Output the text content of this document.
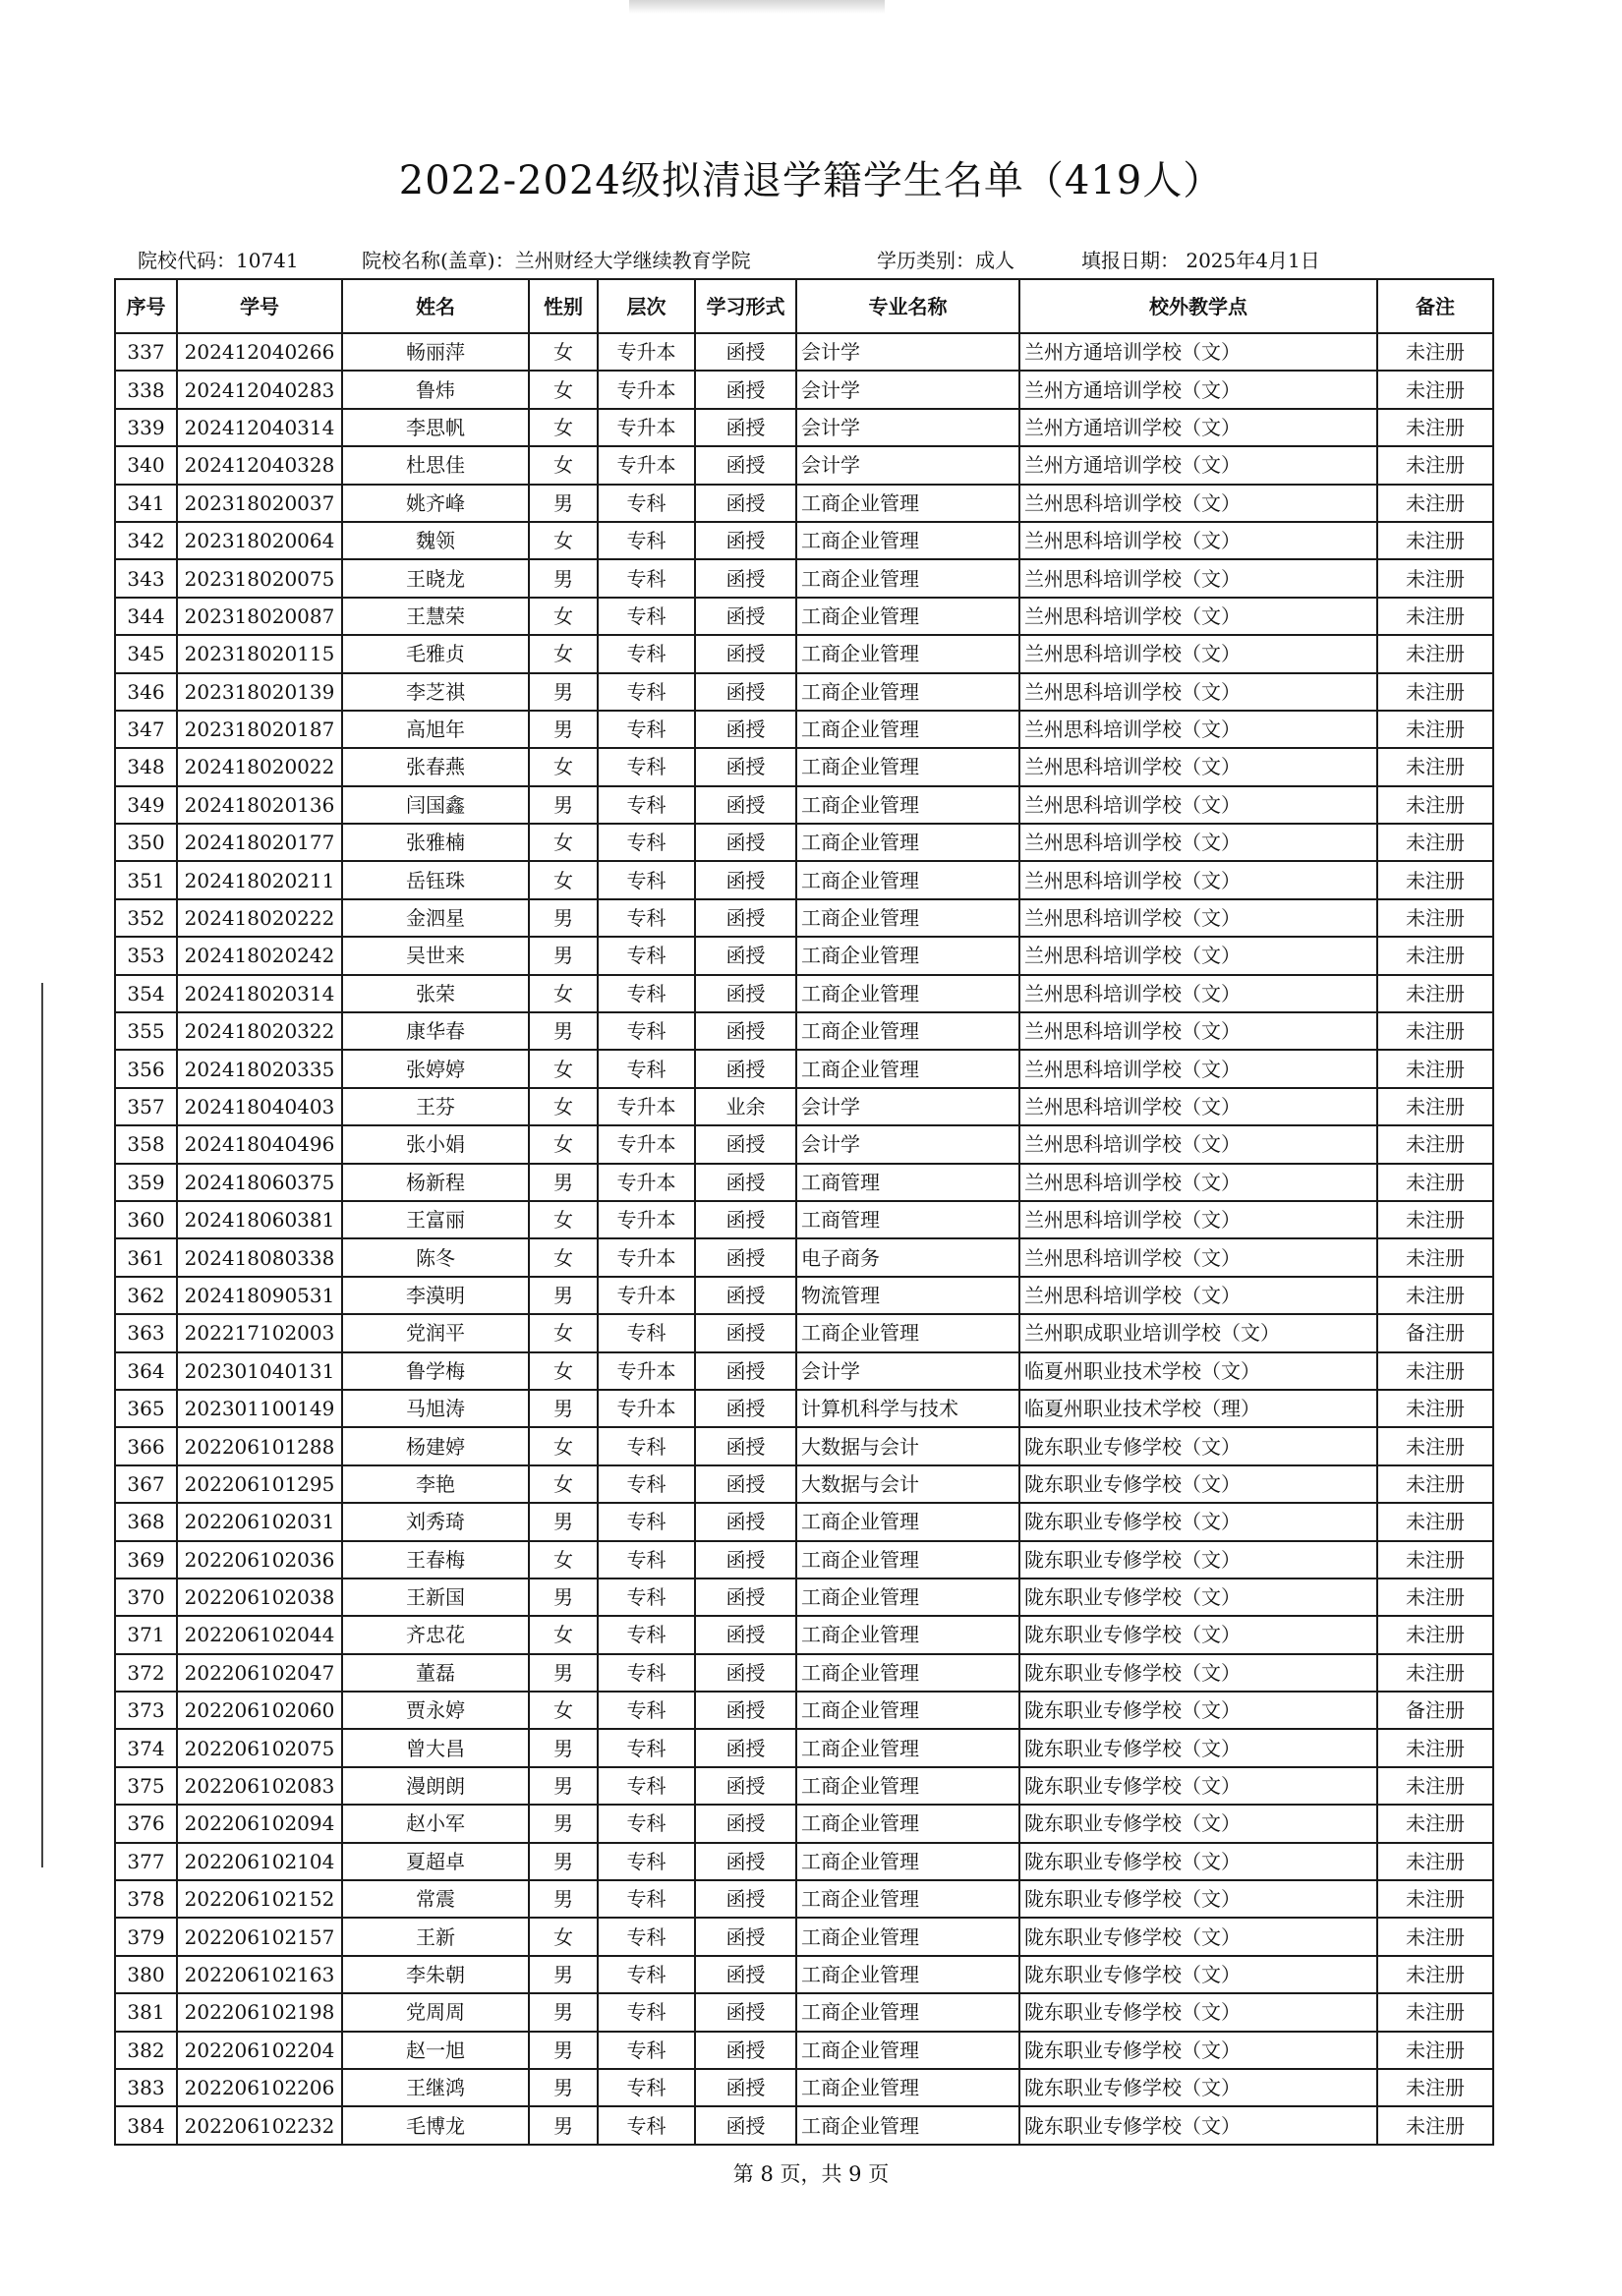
2022-2024级拟清退学籍学生名单（419人）
院校代码：10741	院校名称(盖章)：兰州财经大学继续教育学院	学历类别：成人	填报日期： 2025年4月1日
序号	学号	姓名	性别	层次	学习形式	专业名称	校外教学点	备注
337	202412040266	畅丽萍	女	专升本	函授	会计学	兰州方通培训学校（文）	未注册
338	202412040283	鲁炜	女	专升本	函授	会计学	兰州方通培训学校（文）	未注册
339	202412040314	李思帆	女	专升本	函授	会计学	兰州方通培训学校（文）	未注册
340	202412040328	杜思佳	女	专升本	函授	会计学	兰州方通培训学校（文）	未注册
341	202318020037	姚齐峰	男	专科	函授	工商企业管理	兰州思科培训学校（文）	未注册
342	202318020064	魏领	女	专科	函授	工商企业管理	兰州思科培训学校（文）	未注册
343	202318020075	王晓龙	男	专科	函授	工商企业管理	兰州思科培训学校（文）	未注册
344	202318020087	王慧荣	女	专科	函授	工商企业管理	兰州思科培训学校（文）	未注册
345	202318020115	毛雅贞	女	专科	函授	工商企业管理	兰州思科培训学校（文）	未注册
346	202318020139	李芝祺	男	专科	函授	工商企业管理	兰州思科培训学校（文）	未注册
347	202318020187	高旭年	男	专科	函授	工商企业管理	兰州思科培训学校（文）	未注册
348	202418020022	张春燕	女	专科	函授	工商企业管理	兰州思科培训学校（文）	未注册
349	202418020136	闫国鑫	男	专科	函授	工商企业管理	兰州思科培训学校（文）	未注册
350	202418020177	张雅楠	女	专科	函授	工商企业管理	兰州思科培训学校（文）	未注册
351	202418020211	岳钰珠	女	专科	函授	工商企业管理	兰州思科培训学校（文）	未注册
352	202418020222	金泗星	男	专科	函授	工商企业管理	兰州思科培训学校（文）	未注册
353	202418020242	吴世来	男	专科	函授	工商企业管理	兰州思科培训学校（文）	未注册
354	202418020314	张荣	女	专科	函授	工商企业管理	兰州思科培训学校（文）	未注册
355	202418020322	康华春	男	专科	函授	工商企业管理	兰州思科培训学校（文）	未注册
356	202418020335	张婷婷	女	专科	函授	工商企业管理	兰州思科培训学校（文）	未注册
357	202418040403	王芬	女	专升本	业余	会计学	兰州思科培训学校（文）	未注册
358	202418040496	张小娟	女	专升本	函授	会计学	兰州思科培训学校（文）	未注册
359	202418060375	杨新程	男	专升本	函授	工商管理	兰州思科培训学校（文）	未注册
360	202418060381	王富丽	女	专升本	函授	工商管理	兰州思科培训学校（文）	未注册
361	202418080338	陈冬	女	专升本	函授	电子商务	兰州思科培训学校（文）	未注册
362	202418090531	李漠明	男	专升本	函授	物流管理	兰州思科培训学校（文）	未注册
363	202217102003	党润平	女	专科	函授	工商企业管理	兰州职成职业培训学校（文）	备注册
364	202301040131	鲁学梅	女	专升本	函授	会计学	临夏州职业技术学校（文）	未注册
365	202301100149	马旭涛	男	专升本	函授	计算机科学与技术	临夏州职业技术学校（理）	未注册
366	202206101288	杨建婷	女	专科	函授	大数据与会计	陇东职业专修学校（文）	未注册
367	202206101295	李艳	女	专科	函授	大数据与会计	陇东职业专修学校（文）	未注册
368	202206102031	刘秀琦	男	专科	函授	工商企业管理	陇东职业专修学校（文）	未注册
369	202206102036	王春梅	女	专科	函授	工商企业管理	陇东职业专修学校（文）	未注册
370	202206102038	王新国	男	专科	函授	工商企业管理	陇东职业专修学校（文）	未注册
371	202206102044	齐忠花	女	专科	函授	工商企业管理	陇东职业专修学校（文）	未注册
372	202206102047	董磊	男	专科	函授	工商企业管理	陇东职业专修学校（文）	未注册
373	202206102060	贾永婷	女	专科	函授	工商企业管理	陇东职业专修学校（文）	备注册
374	202206102075	曾大昌	男	专科	函授	工商企业管理	陇东职业专修学校（文）	未注册
375	202206102083	漫朗朗	男	专科	函授	工商企业管理	陇东职业专修学校（文）	未注册
376	202206102094	赵小军	男	专科	函授	工商企业管理	陇东职业专修学校（文）	未注册
377	202206102104	夏超卓	男	专科	函授	工商企业管理	陇东职业专修学校（文）	未注册
378	202206102152	常震	男	专科	函授	工商企业管理	陇东职业专修学校（文）	未注册
379	202206102157	王新	女	专科	函授	工商企业管理	陇东职业专修学校（文）	未注册
380	202206102163	李朱朝	男	专科	函授	工商企业管理	陇东职业专修学校（文）	未注册
381	202206102198	党周周	男	专科	函授	工商企业管理	陇东职业专修学校（文）	未注册
382	202206102204	赵一旭	男	专科	函授	工商企业管理	陇东职业专修学校（文）	未注册
383	202206102206	王继鸿	男	专科	函授	工商企业管理	陇东职业专修学校（文）	未注册
384	202206102232	毛博龙	男	专科	函授	工商企业管理	陇东职业专修学校（文）	未注册
第 8 页，共 9 页
